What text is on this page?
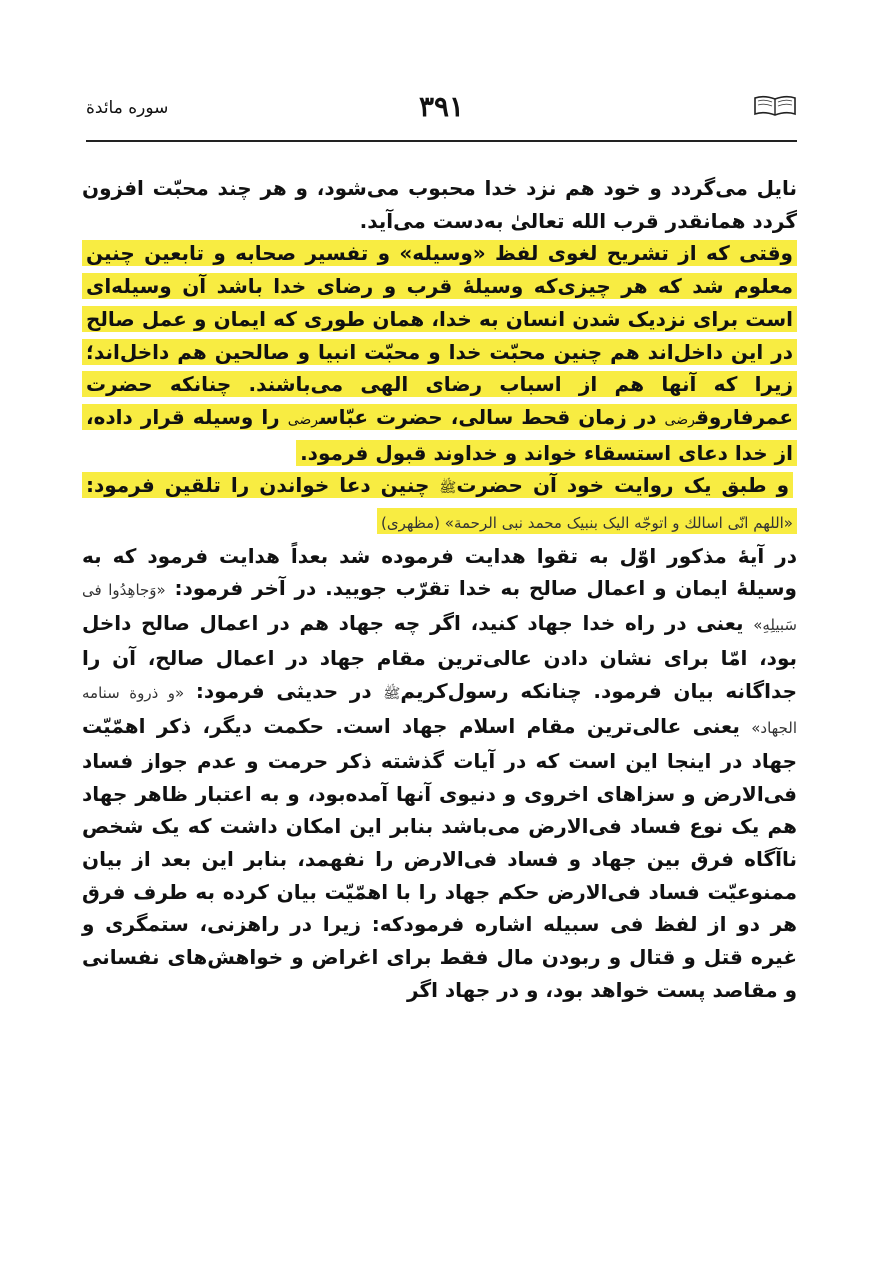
سوره مائدة	۳۹۱

نایل می‌گردد و خود هم نزد خدا محبوب می‌شود، و هر چند محبّت افزون گردد همانقدر قرب الله تعالیٰ به‌دست می‌آید.

وقتی که از تشریح لغوی لفظ «وسیله» و تفسیر صحابه و تابعین چنین معلوم شد که هر چیزی‌که وسیلهٔ قرب و رضای خدا باشد آن وسیله‌ای است برای نزدیک شدن انسان به خدا، همان طوری که ایمان و عمل صالح در این داخل‌اند هم چنین محبّت خدا و محبّت انبیا و صالحین هم داخل‌اند؛ زیرا که آنها هم از اسباب رضای الهی می‌باشند. چنانکه حضرت عمرفاروقرضی در زمان قحط سالی، حضرت عبّاسرضی را وسیله قرار داده، از خدا دعای استسقاء خواند و خداوند قبول فرمود.

و طبق یک روایت خود آن حضرتﷺ چنین دعا خواندن را تلقین فرمود: «اللهم انّی اسالك و اتوجّه الیک بنبیک محمد نبی الرحمة» (مظهری)

در آیهٔ مذکور اوّل به تقوا هدایت فرموده شد بعداً هدایت فرمود که به وسیلهٔ ایمان و اعمال صالح به خدا تقرّب جویید. در آخر فرمود: «وَجاهِدُوا فی سَبیلِهِ» یعنی در راه خدا جهاد کنید، اگر چه جهاد هم در اعمال صالح داخل بود، امّا برای نشان دادن عالی‌ترین مقام جهاد در اعمال صالح، آن را جداگانه بیان فرمود. چنانکه رسول‌کریمﷺ در حدیثی فرمود: «و ذروة سنامه الجهاد» یعنی عالی‌ترین مقام اسلام جهاد است. حکمت دیگر، ذکر اهمّیّت جهاد در اینجا این است که در آیات گذشته ذکر حرمت و عدم جواز فساد فی‌الارض و سزاهای اخروی و دنیوی آنها آمده‌بود، و به اعتبار ظاهر جهاد هم یک نوع فساد فی‌الارض می‌باشد بنابر این امکان داشت که یک شخص ناآگاه فرق بین جهاد و فساد فی‌الارض را نفهمد، بنابر این بعد از بیان ممنوعیّت فساد فی‌الارض حکم جهاد را با اهمّیّت بیان کرده به طرف فرق هر دو از لفظ فی سبیله اشاره فرمودکه: زیرا در راهزنی، ستمگری و غیره قتل و قتال و ربودن مال فقط برای اغراض و خواهش‌های نفسانی و مقاصد پست خواهد بود، و در جهاد اگر
